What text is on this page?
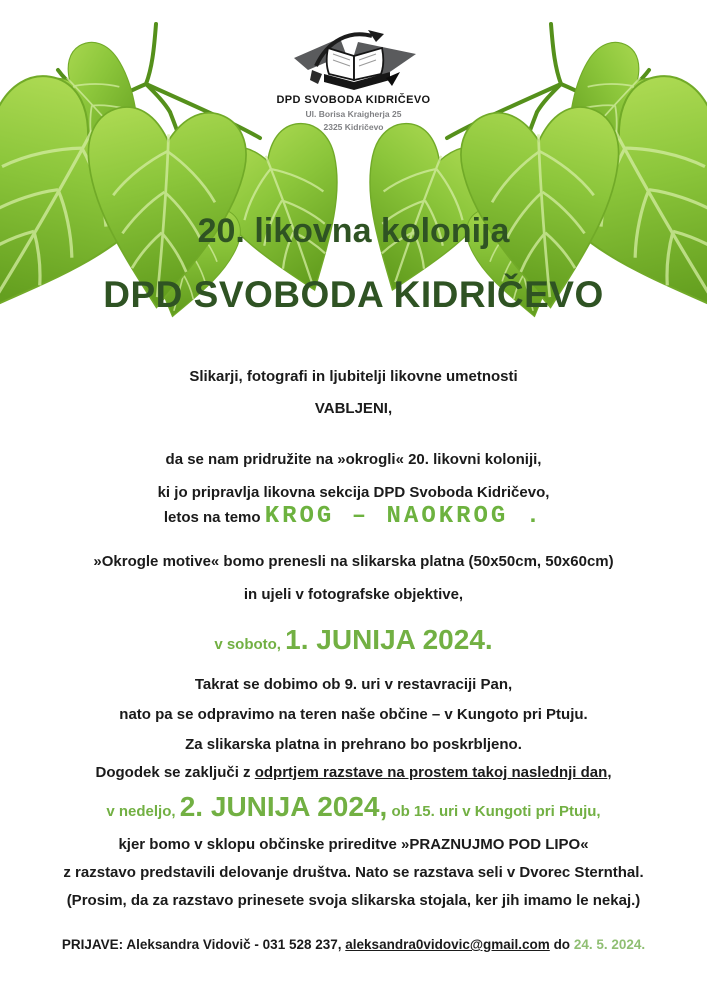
DPD SVOBODA KIDRIČEVO
Ul. Borisa Kraigherja 25
2325 Kidričevo
20. likovna kolonija
DPD SVOBODA KIDRIČEVO
Slikarji, fotografi in ljubitelji likovne umetnosti
VABLJENI,
da se nam pridružite na »okrogli« 20. likovni koloniji,
ki jo pripravlja likovna sekcija DPD Svoboda Kidričevo,
letos na temo KROG – NAOKROG .
»Okrogle motive« bomo prenesli na slikarska platna (50x50cm, 50x60cm)
in ujeli v fotografske objektive,
v soboto, 1. JUNIJA 2024.
Takrat se dobimo ob 9. uri v restavraciji Pan,
nato pa se odpravimo na teren naše občine – v Kungoto pri Ptuju.
Za slikarska platna in prehrano bo poskrbljeno.
Dogodek se zaključi z odprtjem razstave na prostem takoj naslednji dan,
v nedeljo, 2. JUNIJA 2024, ob 15. uri v Kungoti pri Ptuju,
kjer bomo v sklopu občinske prireditve »PRAZNUJMO POD LIPO«
z razstavo predstavili delovanje društva. Nato se razstava seli v Dvorec Sternthal.
(Prosim, da za razstavo prinesete svoja slikarska stojala, ker jih imamo le nekaj.)
PRIJAVE: Aleksandra Vidovič - 031 528 237, aleksandra0vidovic@gmail.com do 24. 5. 2024.
